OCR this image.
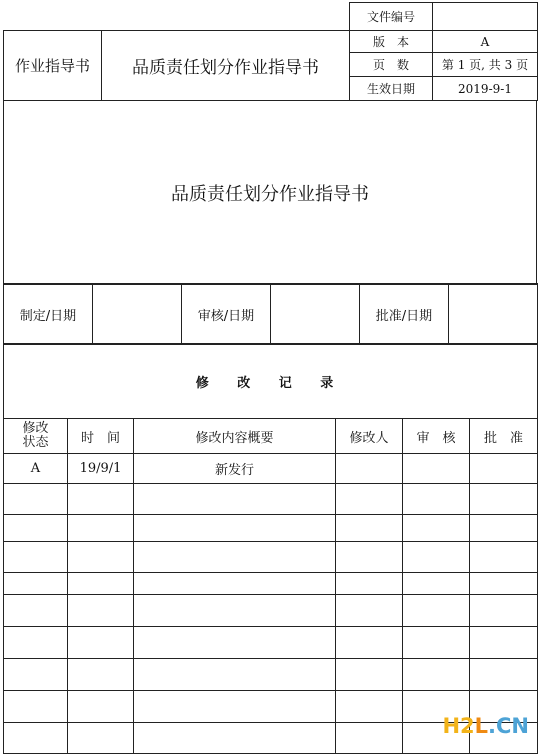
		文件编号	
作业指导书	品质责任划分作业指导书	版　本	A
		页　数	第 1 页, 共 3 页
		生效日期	2019-9-1
品质责任划分作业指导书
制定/日期		审核/日期		批准/日期	
修 改 记 录					
修改
状态	时　间	修改内容概要	修改人	审　核	批　准
A	19/9/1	新发行			

H2L.CN
